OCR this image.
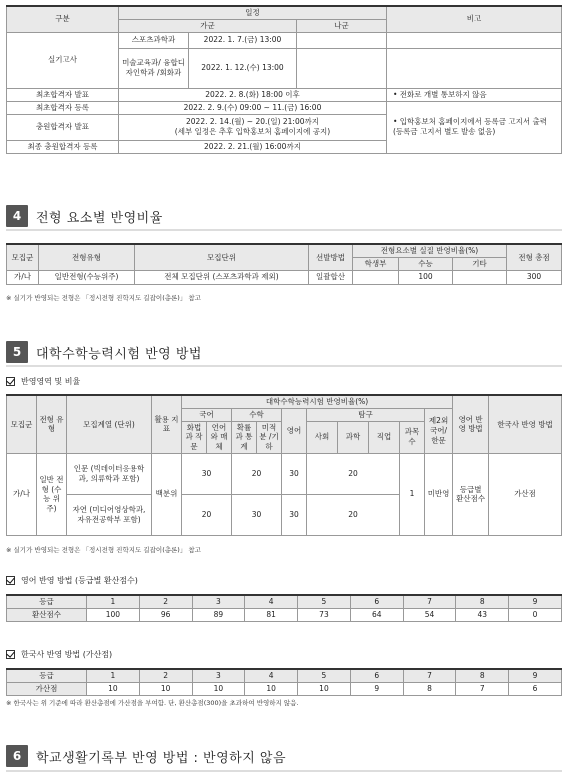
구분	일정			비고
	가군		나군	
실기고사	스포츠과학과	2022. 1. 7.(금) 13:00		
	미술교육과/ 융합디자인학과 /회화과	2022. 1. 12.(수) 13:00		
최초합격자 발표	2022. 2. 8.(화) 18:00 이후			• 전화로 개별 통보하지 않음
최초합격자 등록	2022. 2. 9.(수) 09:00 ~ 11.(금) 16:00			• 입학홍보처 홈페이지에서 등록금 고지서 출력 (등록금 고지서 별도 발송 없음)
충원합격자 발표	2022. 2. 14.(월) ~ 20.(일) 21:00까지
(세부 일정은 추후 입학홍보처 홈페이지에 공지)			

최종 충원합격자 등록	2022. 2. 21.(월) 16:00까지			
4	전형 요소별 반영비율
모집군	전형유형	모집단위	선발방법	전형요소별 실질 반영비율(%)			전형 총점
				학생부	수능	기타	
가/나	일반전형(수능위주)	전체 모집단위 (스포츠과학과 제외)	일괄합산		100		300
※ 실기가 반영되는 전형은 「정시전형 진학지도 길잡이(총론)」 참고
5	대학수학능력시험 반영 방법
반영영역 및 비율
모집군	전형 유형	모집계열 (단위)	활용 지표	대학수학능력시험 반영비율(%)										영어 반영 방법	한국사 반영 방법
				국어		수학		영어	탐구				제2외 국어/ 한문		
				화법과 작문	언어와 매체	확률과 통계	미적분 /기하		사회	과학	직업	과목수			
가/나	일반 전형 (수능 위주)	인문 (빅데이터응용학과, 의류학과 포함)	백분위	30		20		30	20			1	미반영	등급별 환산점수	가산점
		자연 (미디어영상학과, 자유전공학부 포함)		20		30		30	20						
※ 실기가 반영되는 전형은 「정시전형 진학지도 길잡이(총론)」 참고
영어 반영 방법 (등급별 환산점수)
등급	1	2	3	4	5	6	7	8	9
환산점수	100	96	89	81	73	64	54	43	0
한국사 반영 방법 (가산점)
등급	1	2	3	4	5	6	7	8	9
가산점	10	10	10	10	10	9	8	7	6
※ 한국사는 위 기준에 따라 환산총점에 가산점을 부여함. 단, 환산총점(300)을 초과하여 반영하지 않음.
6	학교생활기록부 반영 방법 : 반영하지 않음
